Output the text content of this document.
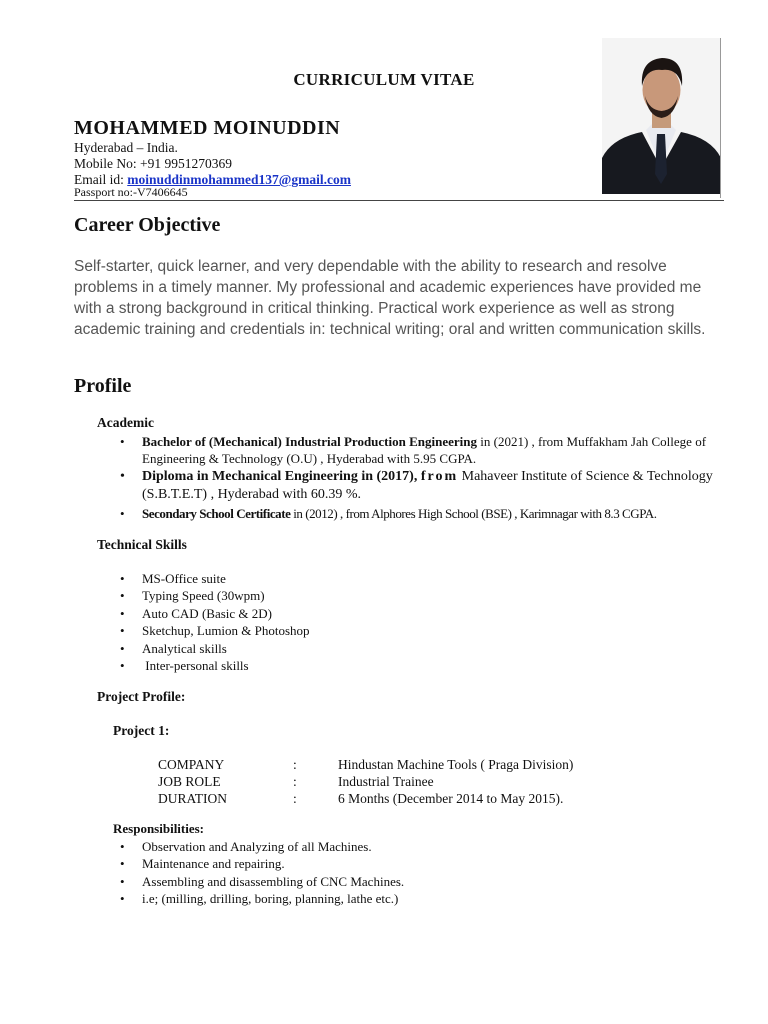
CURRICULUM VITAE
MOHAMMED MOINUDDIN
Hyderabad – India.
Mobile No: +91 9951270369
Email id: moinuddinmohammed137@gmail.com
Passport no:-V7406645
Career Objective
Self-starter, quick learner, and very dependable with the ability to research and resolve problems in a timely manner. My professional and academic experiences have provided me with a strong background in critical thinking. Practical work experience as well as strong academic training and credentials in: technical writing; oral and written communication skills.
Profile
Academic
• Bachelor of (Mechanical) Industrial Production Engineering in (2021) , from Muffakham Jah College of Engineering & Technology (O.U) , Hyderabad with 5.95 CGPA.
• Diploma in Mechanical Engineering in (2017), from Mahaveer Institute of Science & Technology (S.B.T.E.T) , Hyderabad with 60.39 %.
• Secondary School Certificate in (2012) , from Alphores High School (BSE) , Karimnagar with 8.3 CGPA.
Technical Skills
• MS-Office suite
• Typing Speed (30wpm)
• Auto CAD (Basic & 2D)
• Sketchup, Lumion & Photoshop
• Analytical skills
•  Inter-personal skills
Project Profile:
Project 1:
COMPANY	:	Hindustan Machine Tools ( Praga Division)
JOB ROLE	:	Industrial Trainee
DURATION	:	6 Months (December 2014 to May 2015).
Responsibilities:
• Observation and Analyzing of all Machines.
• Maintenance and repairing.
• Assembling and disassembling of CNC Machines.
• i.e; (milling, drilling, boring, planning, lathe etc.)
